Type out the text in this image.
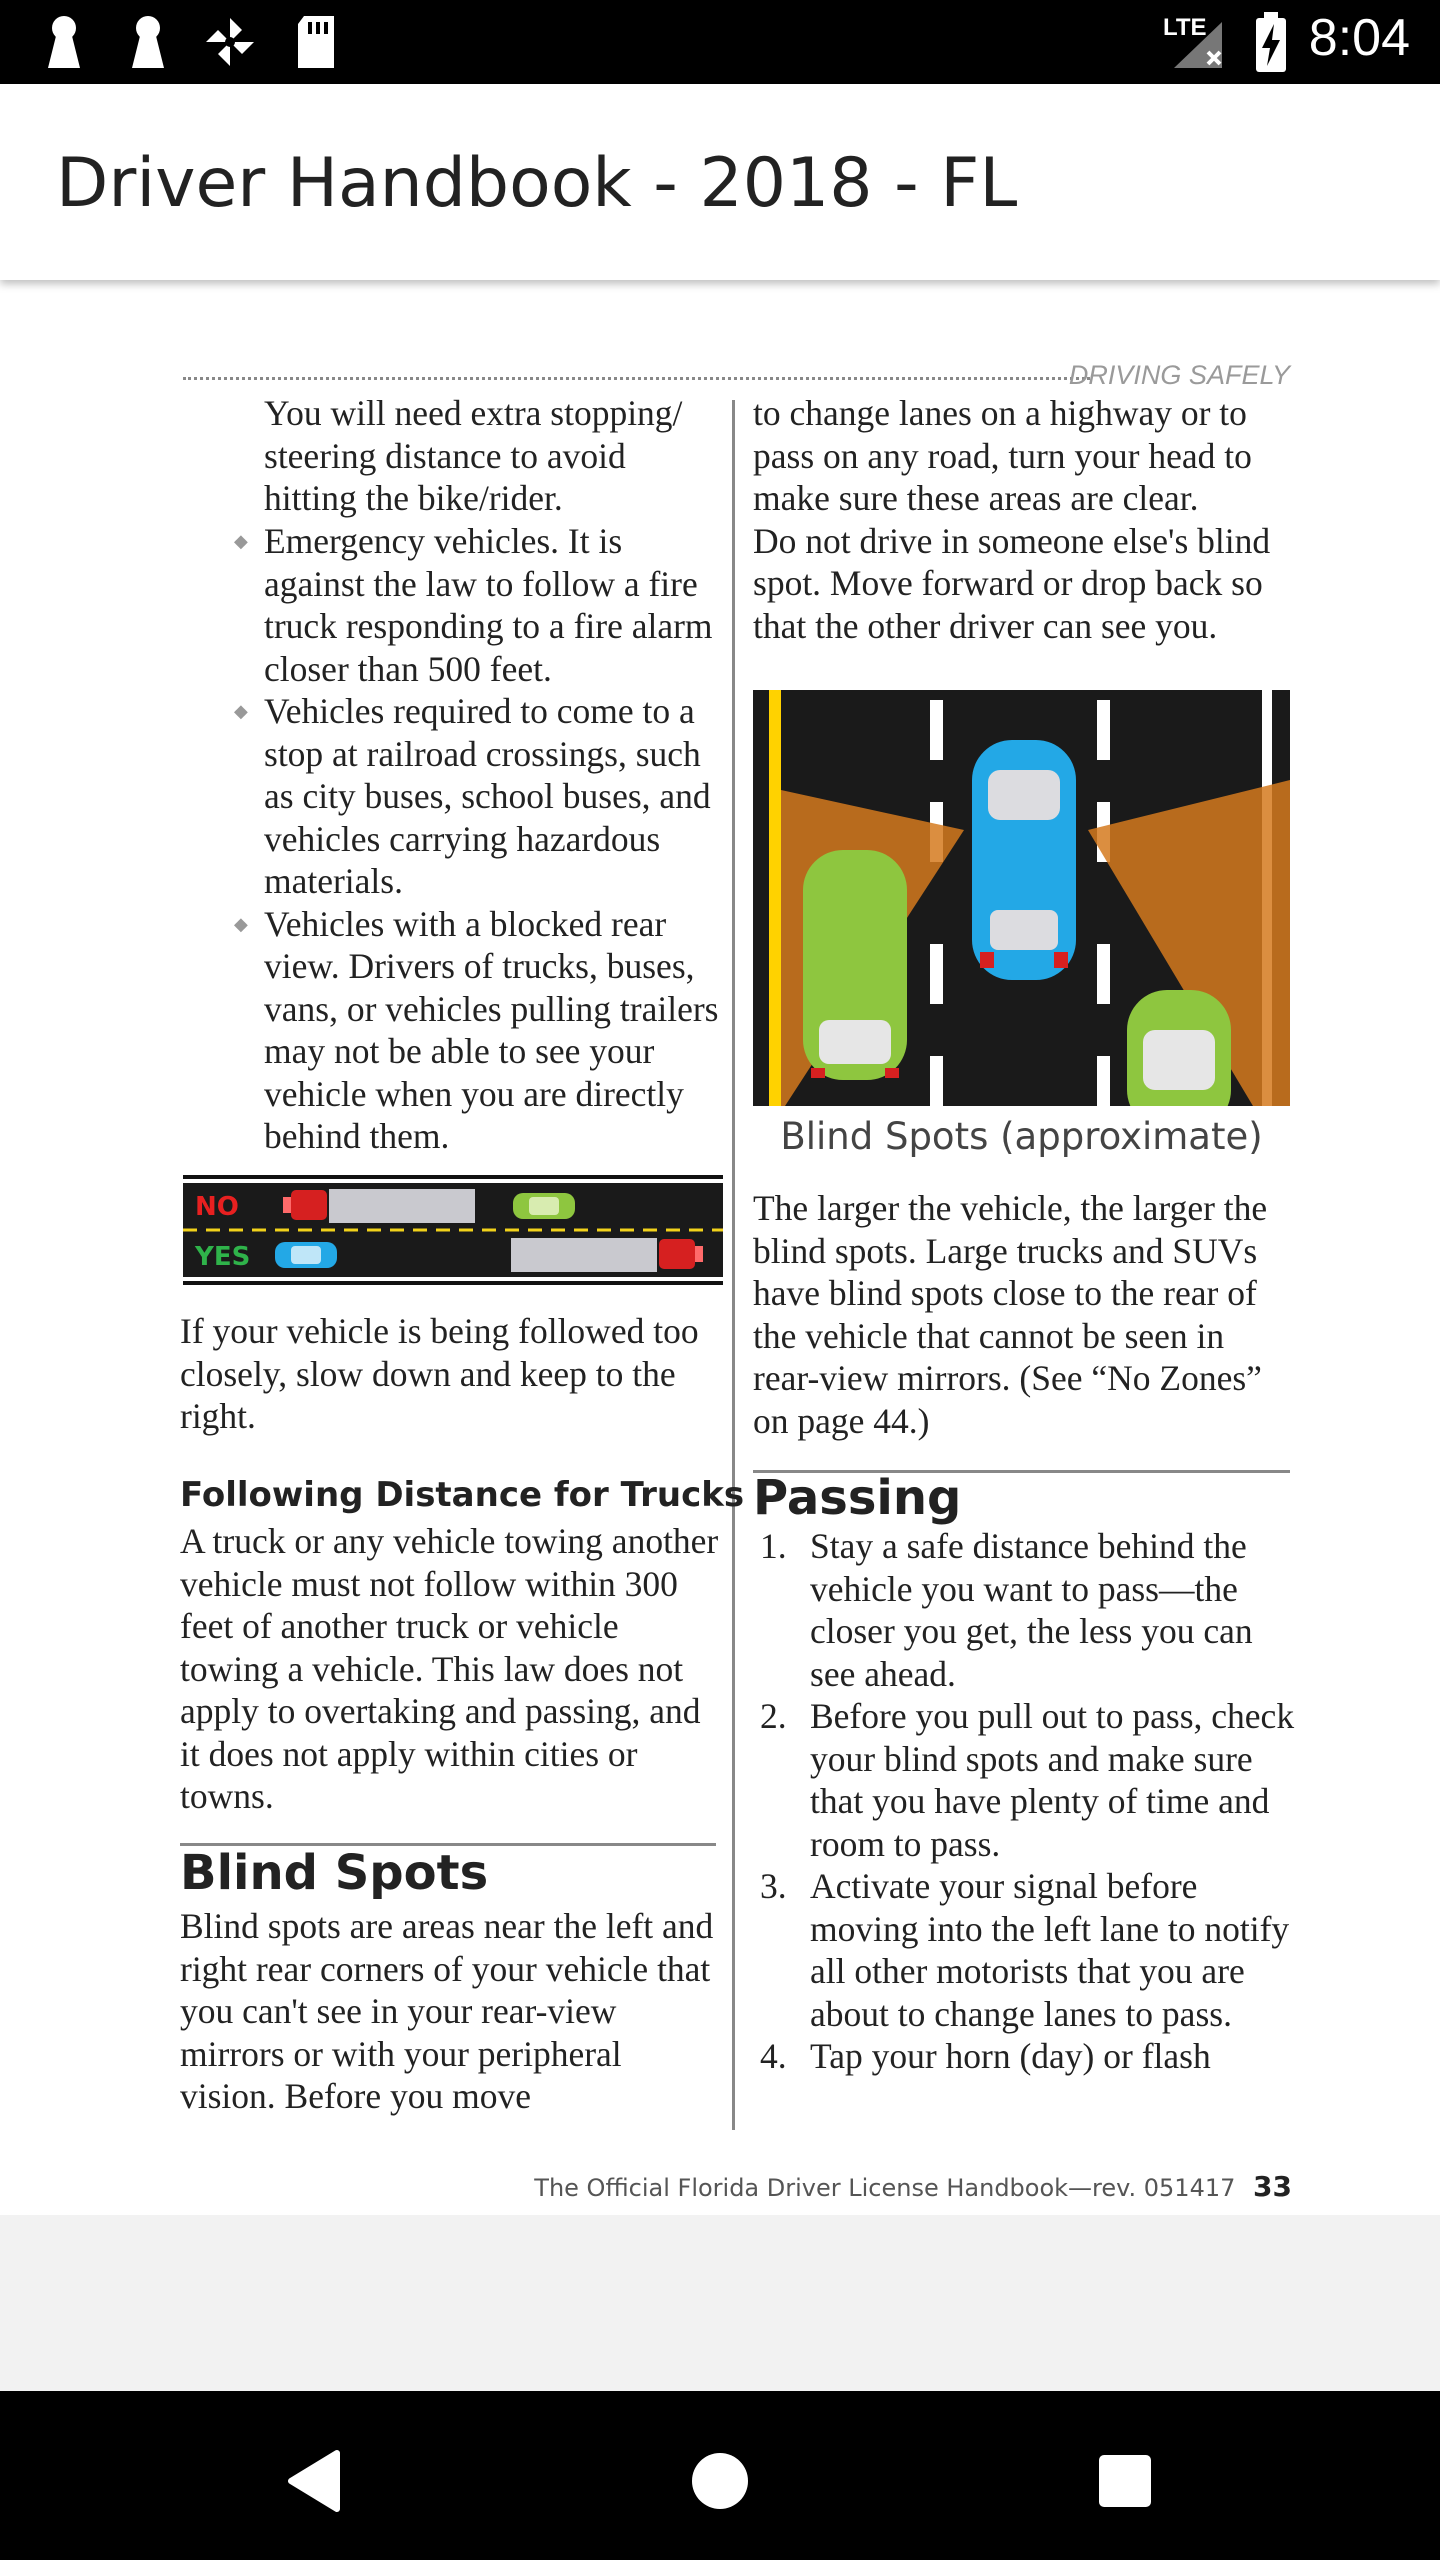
LTE 8:04
Driver Handbook - 2018 - FL
DRIVING SAFELY

You will need extra stopping/ steering distance to avoid hitting the bike/rider.

◆ Emergency vehicles. It is against the law to follow a fire truck responding to a fire alarm closer than 500 feet.
◆ Vehicles required to come to a stop at railroad crossings, such as city buses, school buses, and vehicles carrying hazardous materials.
◆ Vehicles with a blocked rear view. Drivers of trucks, buses, vans, or vehicles pulling trailers may not be able to see your vehicle when you are directly behind them.
NO
YES

If your vehicle is being followed too closely, slow down and keep to the right.

Following Distance for Trucks

A truck or any vehicle towing another vehicle must not follow within 300 feet of another truck or vehicle towing a vehicle. This law does not apply to overtaking and passing, and it does not apply within cities or towns.

Blind Spots

Blind spots are areas near the left and right rear corners of your vehicle that you can't see in your rear-view mirrors or with your peripheral vision. Before you move

to change lanes on a highway or to pass on any road, turn your head to make sure these areas are clear.

Do not drive in someone else's blind spot. Move forward or drop back so that the other driver can see you.

Blind Spots (approximate)

The larger the vehicle, the larger the blind spots. Large trucks and SUVs have blind spots close to the rear of the vehicle that cannot be seen in rear-view mirrors. (See “No Zones” on page 44.)

Passing
1. Stay a safe distance behind the vehicle you want to pass—the closer you get, the less you can see ahead.
2. Before you pull out to pass, check your blind spots and make sure that you have plenty of time and room to pass.
3. Activate your signal before moving into the left lane to notify all other motorists that you are about to change lanes to pass.
4. Tap your horn (day) or flash
The Official Florida Driver License Handbook—rev. 051417 33
